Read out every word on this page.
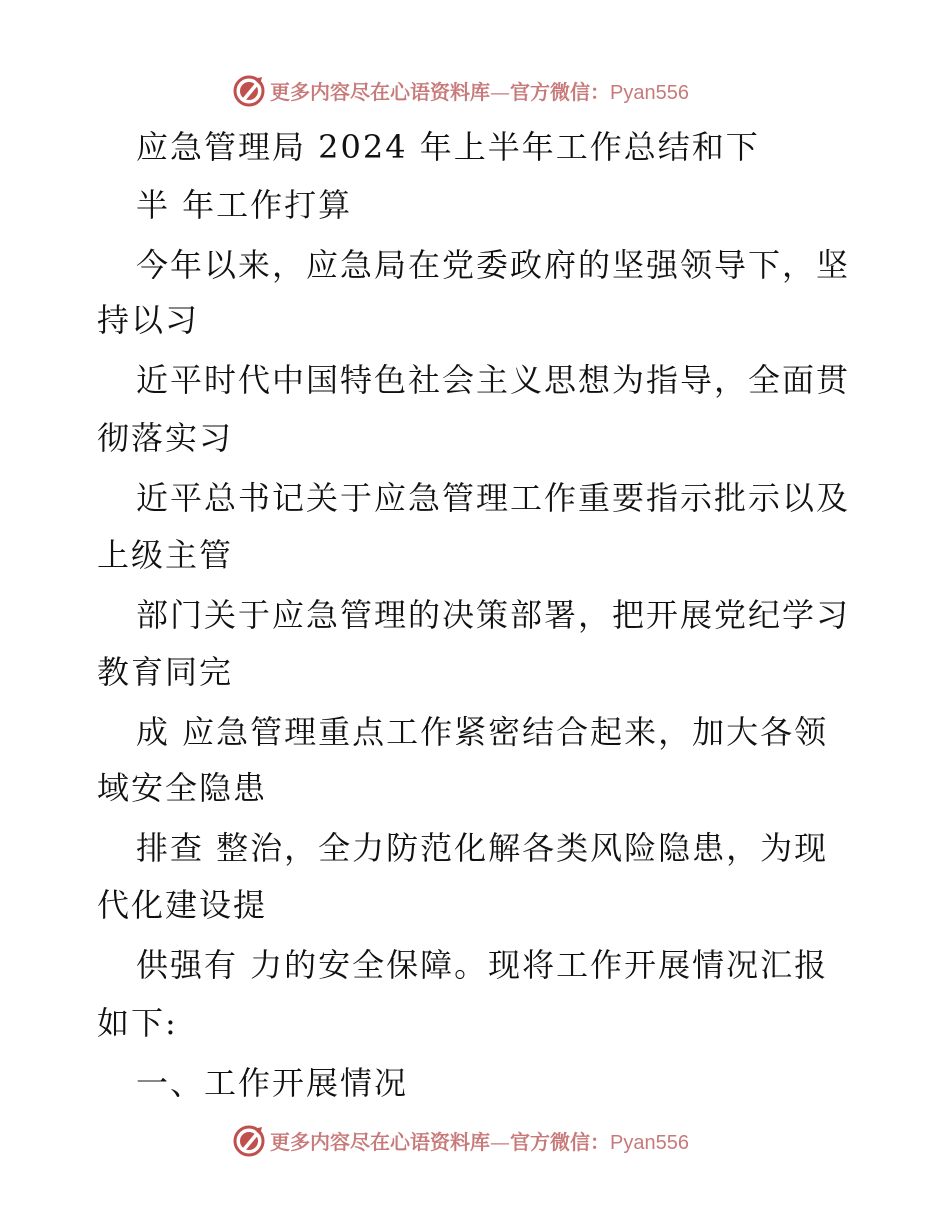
更多内容尽在心语资料库—官方微信：Pyan556
应急管理局 2024 年上半年工作总结和下
半 年工作打算
今年以来，应急局在党委政府的坚强领导下，坚
持以习
近平时代中国特色社会主义思想为指导，全面贯
彻落实习
近平总书记关于应急管理工作重要指示批示以及
上级主管
部门关于应急管理的决策部署，把开展党纪学习
教育同完
成 应急管理重点工作紧密结合起来，加大各领
域安全隐患
排查 整治，全力防范化解各类风险隐患，为现
代化建设提
供强有 力的安全保障。现将工作开展情况汇报
如下:
一、工作开展情况
更多内容尽在心语资料库—官方微信：Pyan556
